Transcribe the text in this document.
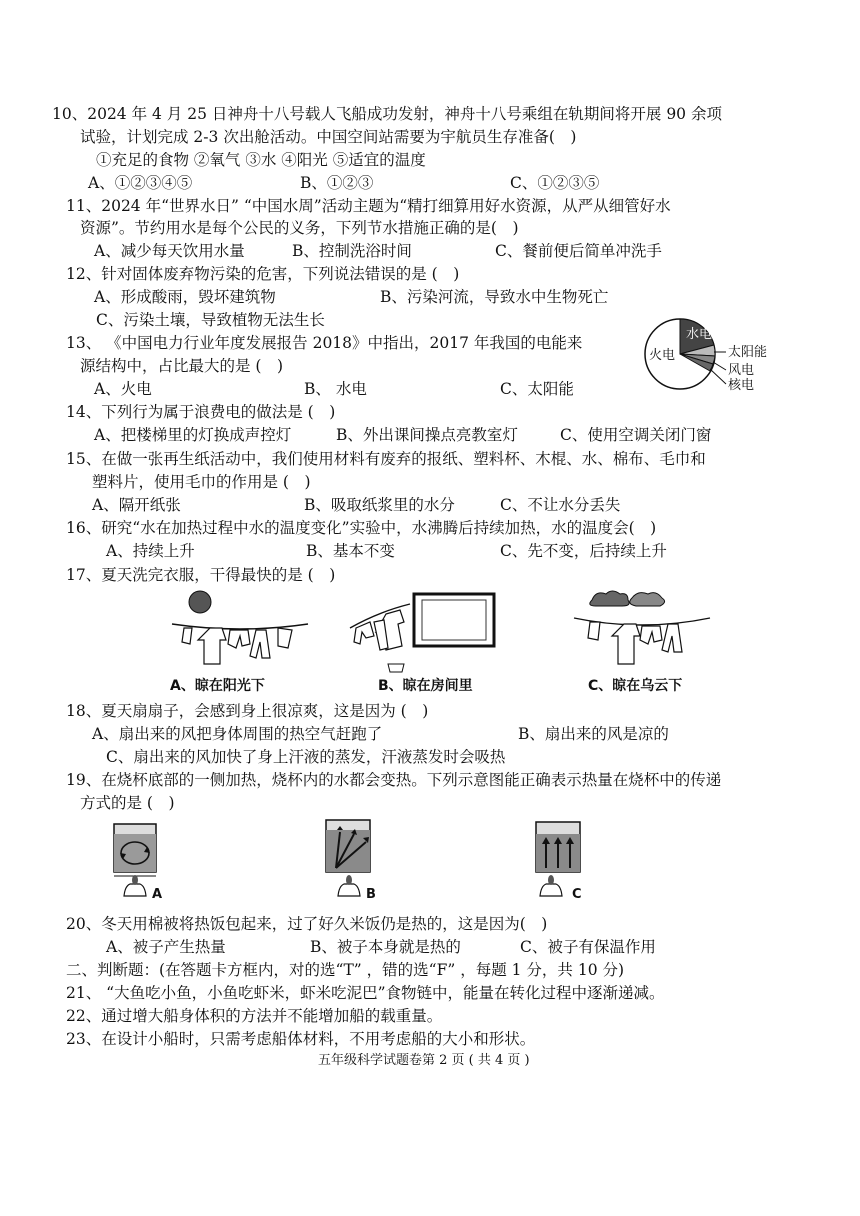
10、2024 年 4 月 25 日神舟十八号载人飞船成功发射，神舟十八号乘组在轨期间将开展 90 余项
试验，计划完成 2-3 次出舱活动。中国空间站需要为宇航员生存准备(　)
①充足的食物 ②氧气 ③水 ④阳光 ⑤适宜的温度
A、①②③④⑤	B、①②③	C、①②③⑤
11、2024 年“世界水日” “中国水周”活动主题为“精打细算用好水资源，从严从细管好水
资源”。节约用水是每个公民的义务，下列节水措施正确的是(　)
A、减少每天饮用水量	B、控制洗浴时间	C、餐前便后简单冲洗手
12、针对固体废弃物污染的危害，下列说法错误的是 (　)
A、形成酸雨，毁坏建筑物	B、污染河流，导致水中生物死亡
C、污染土壤，导致植物无法生长
13、 《中国电力行业年度发展报告 2018》中指出，2017 年我国的电能来
源结构中，占比最大的是 (　)
A、火电	B、 水电	C、太阳能
火电
水电
太阳能
风电
核电
14、下列行为属于浪费电的做法是 (　)
A、把楼梯里的灯换成声控灯	B、外出课间操点亮教室灯	C、使用空调关闭门窗
15、在做一张再生纸活动中，我们使用材料有废弃的报纸、塑料杯、木棍、水、棉布、毛巾和
塑料片，使用毛巾的作用是 (　)
A、隔开纸张	B、吸取纸浆里的水分	C、不让水分丢失
16、研究“水在加热过程中水的温度变化”实验中，水沸腾后持续加热，水的温度会(　)
A、持续上升	B、基本不变	C、先不变，后持续上升
17、夏天洗完衣服，干得最快的是 (　)
A、晾在阳光下	B、晾在房间里	C、晾在乌云下
18、夏天扇扇子，会感到身上很凉爽，这是因为 (　)
A、扇出来的风把身体周围的热空气赶跑了	B、扇出来的风是凉的
C、扇出来的风加快了身上汗液的蒸发，汗液蒸发时会吸热
19、在烧杯底部的一侧加热，烧杯内的水都会变热。下列示意图能正确表示热量在烧杯中的传递
方式的是 (　)
A	B	C
20、冬天用棉被将热饭包起来，过了好久米饭仍是热的，这是因为(　)
A、被子产生热量	B、被子本身就是热的	C、被子有保温作用
二、判断题：(在答题卡方框内，对的选“T” ，错的选“F” ，每题 1 分，共 10 分)
21、 “大鱼吃小鱼，小鱼吃虾米，虾米吃泥巴”食物链中，能量在转化过程中逐渐递减。
22、通过增大船身体积的方法并不能增加船的载重量。
23、在设计小船时，只需考虑船体材料，不用考虑船的大小和形状。
五年级科学试题卷第 2 页 ( 共 4 页 )
